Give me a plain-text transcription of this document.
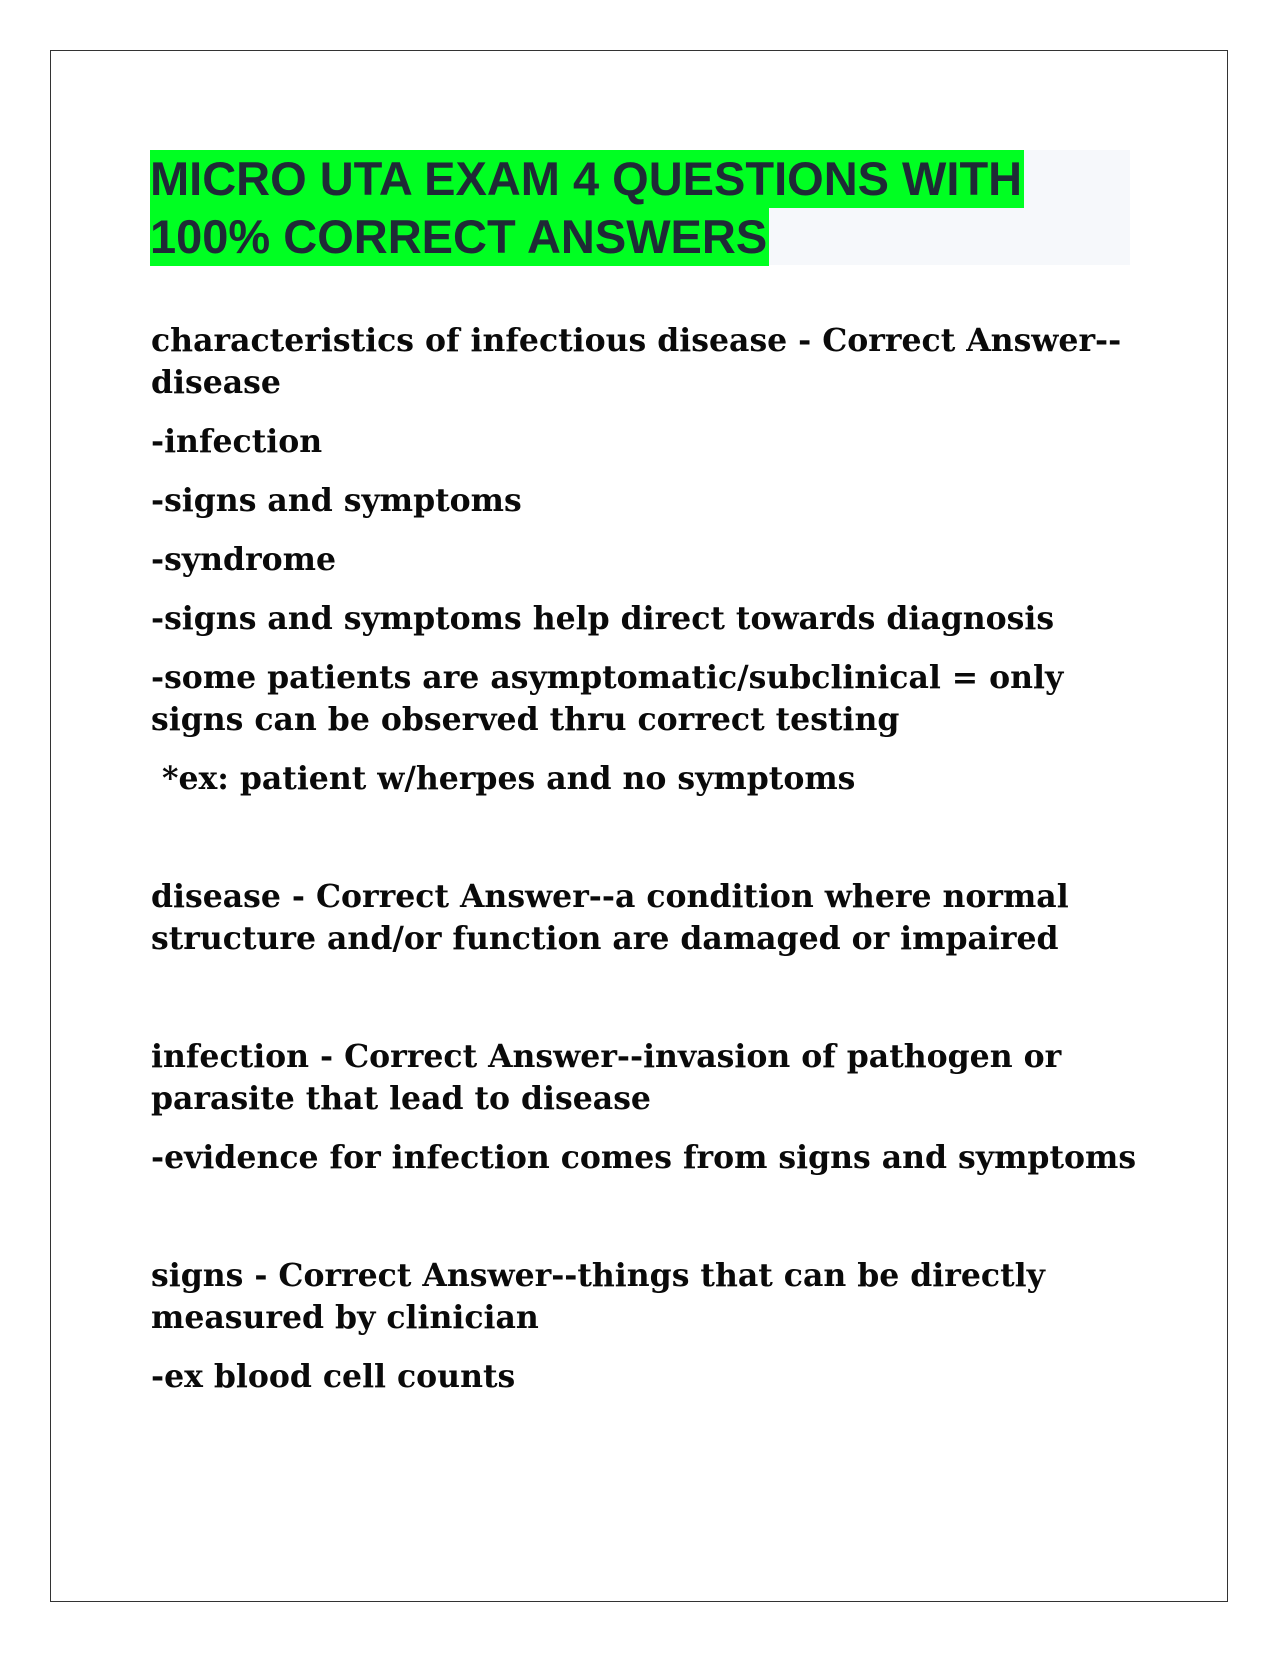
MICRO UTA EXAM 4 QUESTIONS WITH
100% CORRECT ANSWERS

characteristics of infectious disease - Correct Answer--disease

-infection

-signs and symptoms

-syndrome

-signs and symptoms help direct towards diagnosis

-some patients are asymptomatic/subclinical = only signs can be observed thru correct testing

*ex: patient w/herpes and no symptoms

disease - Correct Answer--a condition where normal structure and/or function are damaged or impaired

infection - Correct Answer--invasion of pathogen or parasite that lead to disease

-evidence for infection comes from signs and symptoms

signs - Correct Answer--things that can be directly measured by clinician

-ex blood cell counts
